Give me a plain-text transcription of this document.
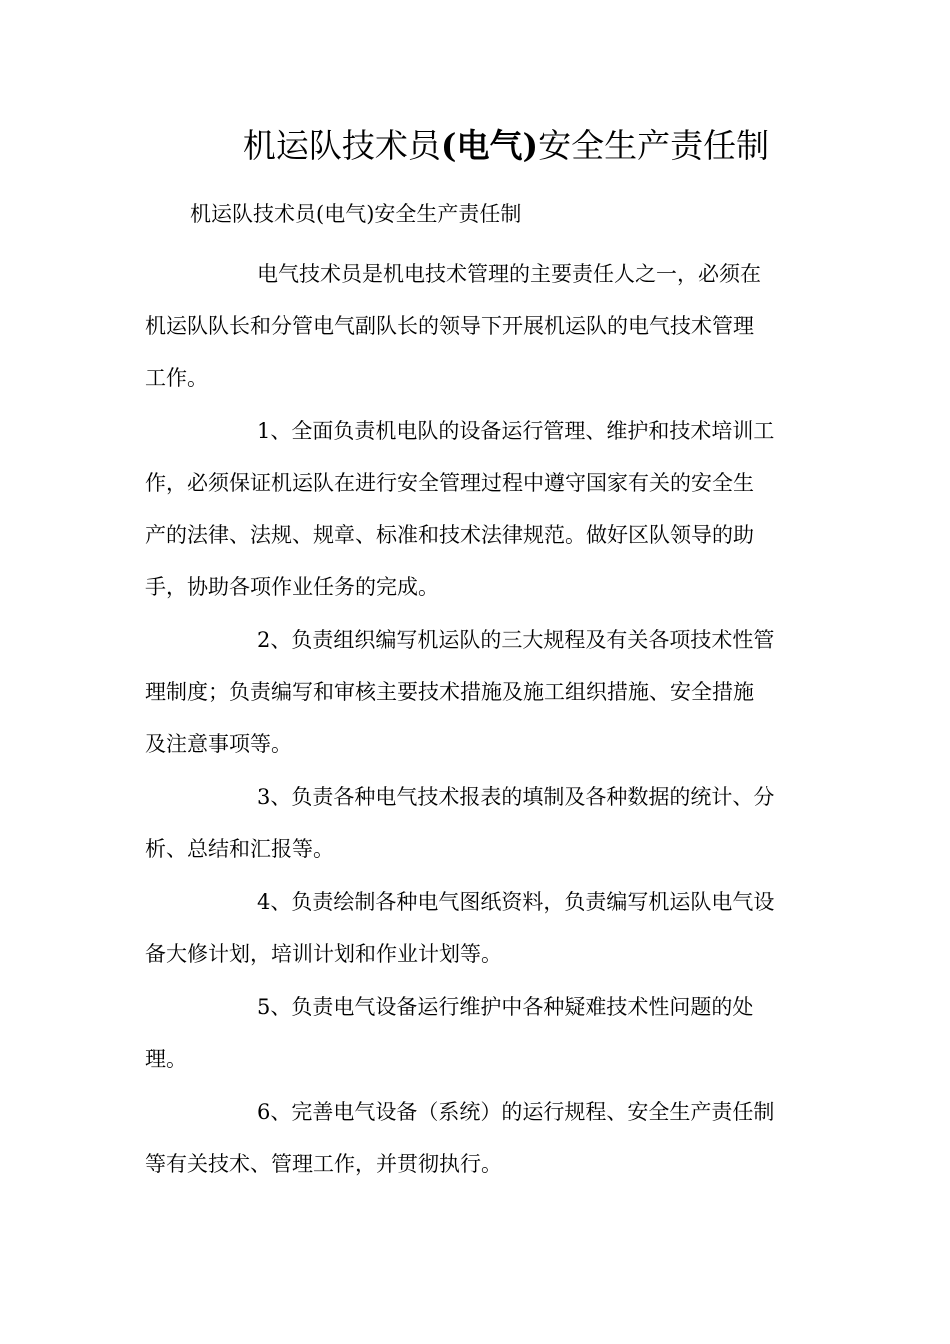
机运队技术员(电气)安全生产责任制

机运队技术员(电气)安全生产责任制

电气技术员是机电技术管理的主要责任人之一，必须在
机运队队长和分管电气副队长的领导下开展机运队的电气技术管理
工作。

1、全面负责机电队的设备运行管理、维护和技术培训工
作，必须保证机运队在进行安全管理过程中遵守国家有关的安全生
产的法律、法规、规章、标准和技术法律规范。做好区队领导的助
手，协助各项作业任务的完成。

2、负责组织编写机运队的三大规程及有关各项技术性管
理制度；负责编写和审核主要技术措施及施工组织措施、安全措施
及注意事项等。

3、负责各种电气技术报表的填制及各种数据的统计、分
析、总结和汇报等。

4、负责绘制各种电气图纸资料，负责编写机运队电气设
备大修计划，培训计划和作业计划等。

5、负责电气设备运行维护中各种疑难技术性问题的处
理。

6、完善电气设备（系统）的运行规程、安全生产责任制
等有关技术、管理工作，并贯彻执行。
